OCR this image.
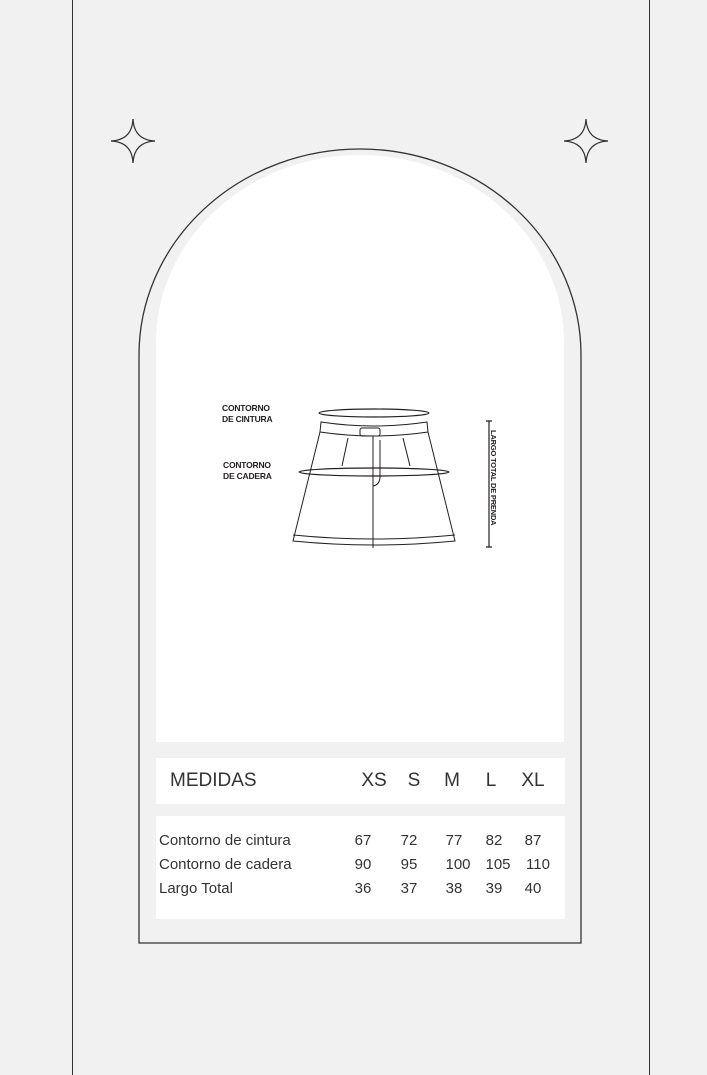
CONTORNO
DE CINTURA
CONTORNO
DE CADERA	LARGO TOTAL DE PRENDA
MEDIDAS	XS	S	M	L	XL
Contorno de cintura	67	72	77	82	87
Contorno de cadera	90	95	100 105	110
Largo Total	36	37	38	39	40
